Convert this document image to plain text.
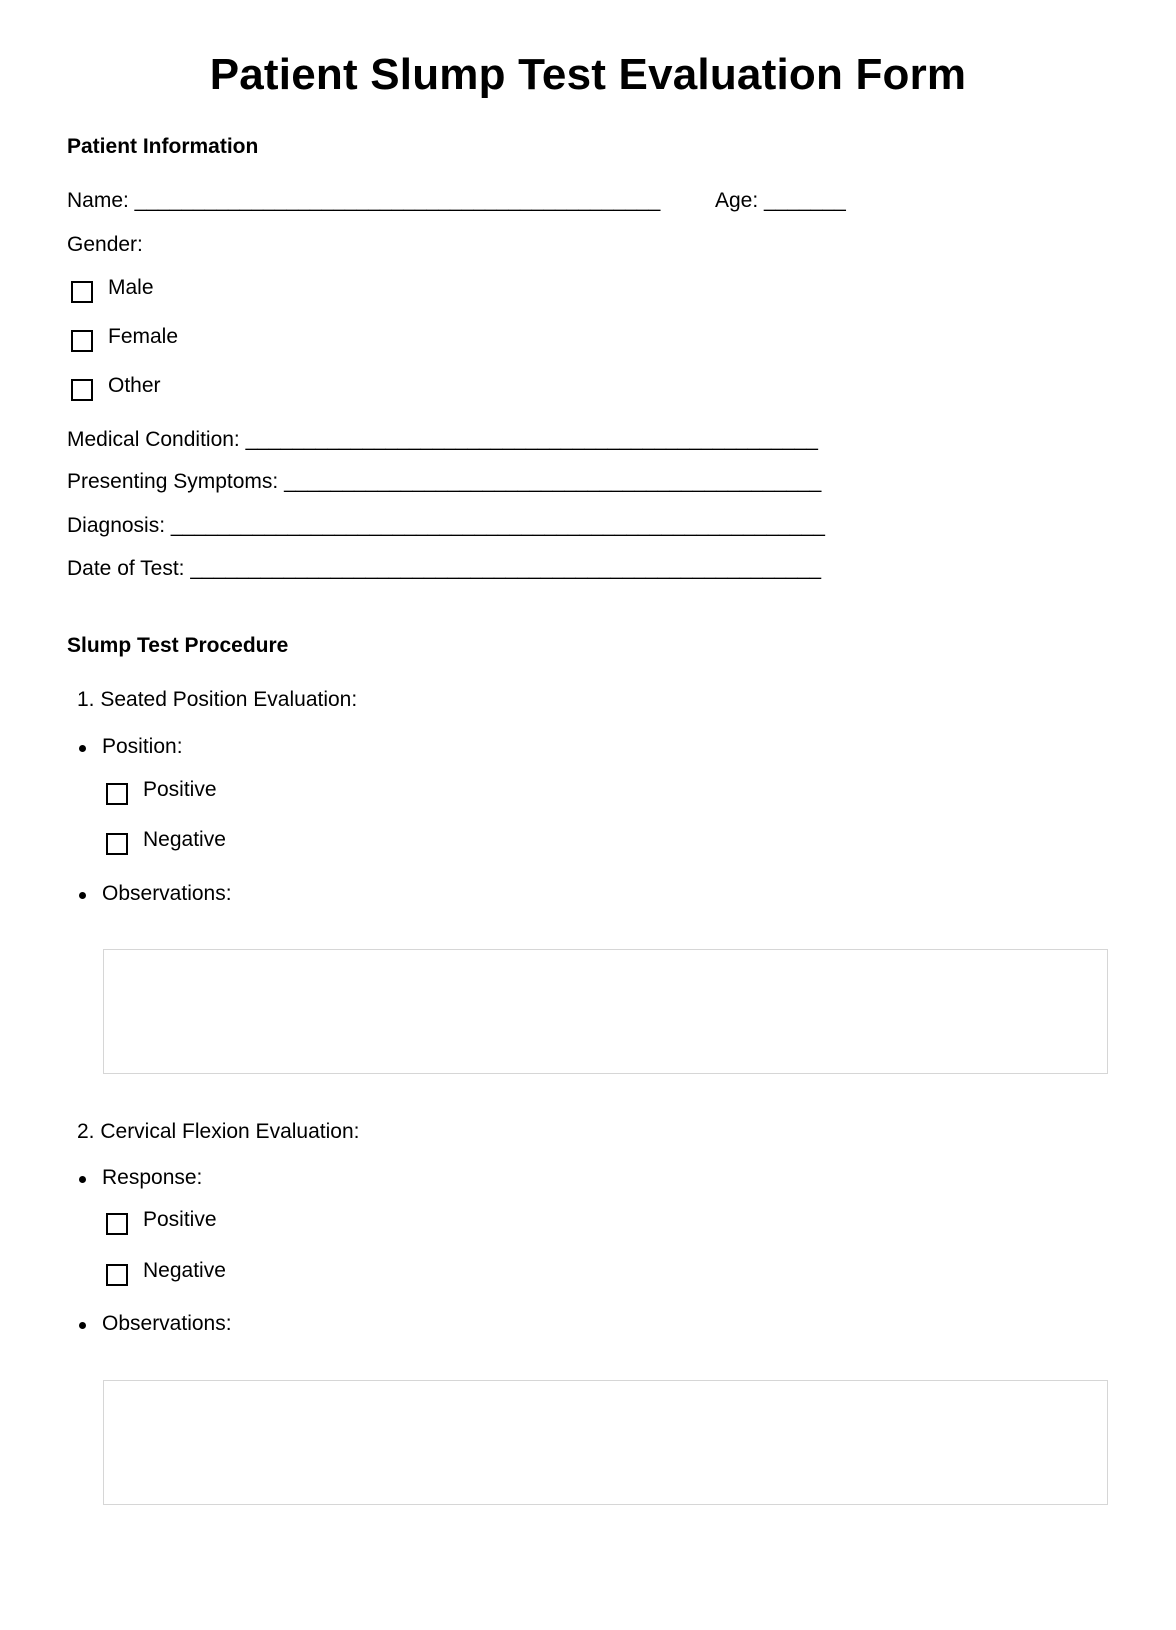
Patient Slump Test Evaluation Form
Patient Information
Name: _____________________________________________	Age: _______
Gender:
Male
Female
Other
Medical Condition: _________________________________________________
Presenting Symptoms: ______________________________________________
Diagnosis: ________________________________________________________
Date of Test: ______________________________________________________
Slump Test Procedure
1. Seated Position Evaluation:
Position:
Positive
Negative
Observations:
2. Cervical Flexion Evaluation:
Response:
Positive
Negative
Observations:
